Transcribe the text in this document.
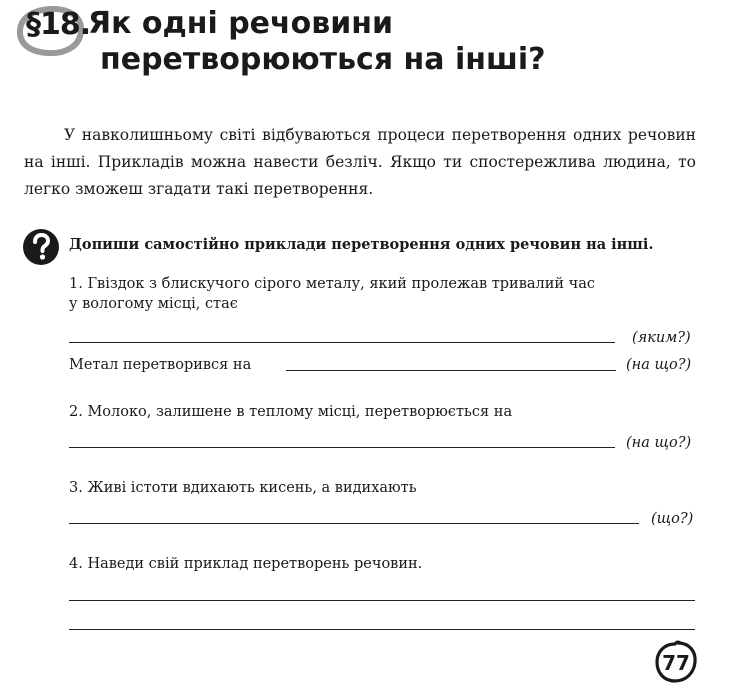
§18.
Як одні речовини
перетворюються на інші?
У навколишньому світі відбуваються процеси перетворення одних речовин на інші. Прикладів можна навести безліч. Якщо ти спостережлива людина, то легко зможеш згадати такі перетворення.
Допиши самостійно приклади перетворення одних речовин на інші.
1. Гвіздок з блискучого сірого металу, який пролежав тривалий час
у вологому місці, стає
(яким?)
Метал перетворився на	(на що?)
2. Молоко, залишене в теплому місці, перетворюється на
(на що?)
3. Живі істоти вдихають кисень, а видихають
(що?)
4. Наведи свій приклад перетворень речовин.
77
